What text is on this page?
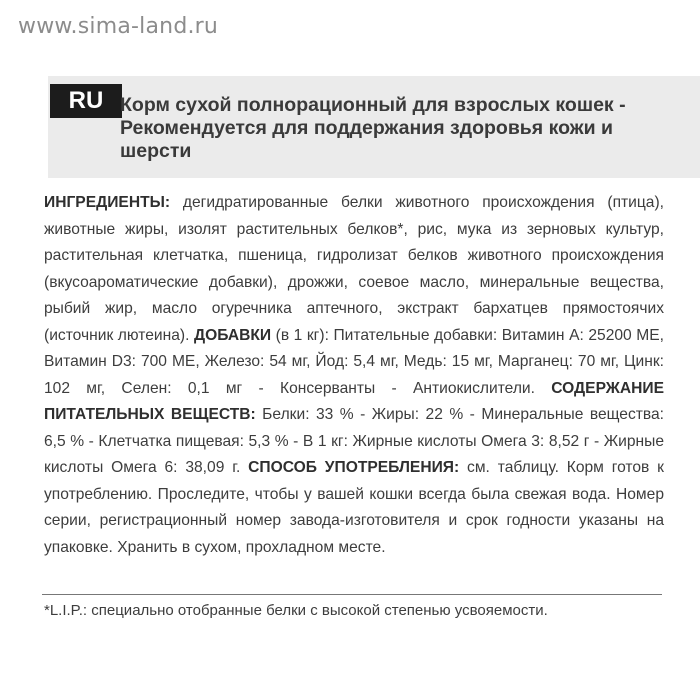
www.sima-land.ru
RU Корм сухой полнорационный для взрослых кошек - Рекомендуется для поддержания здоровья кожи и шерсти
ИНГРЕДИЕНТЫ: дегидратированные белки животного происхождения (птица), животные жиры, изолят растительных белков*, рис, мука из зерновых культур, растительная клетчатка, пшеница, гидролизат белков животного происхождения (вкусоароматические добавки), дрожжи, соевое масло, минеральные вещества, рыбий жир, масло огуречника аптечного, экстракт бархатцев прямостоячих (источник лютеина). ДОБАВКИ (в 1 кг): Питательные добавки: Витамин А: 25200 МЕ, Витамин D3: 700 МЕ, Железо: 54 мг, Йод: 5,4 мг, Медь: 15 мг, Марганец: 70 мг, Цинк: 102 мг, Селен: 0,1 мг - Консерванты - Антиокислители. СОДЕРЖАНИЕ ПИТАТЕЛЬНЫХ ВЕЩЕСТВ: Белки: 33 % - Жиры: 22 % - Минеральные вещества: 6,5 % - Клетчатка пищевая: 5,3 % - В 1 кг: Жирные кислоты Омега 3: 8,52 г - Жирные кислоты Омега 6: 38,09 г. СПОСОБ УПОТРЕБЛЕНИЯ: см. таблицу. Корм готов к употреблению. Проследите, чтобы у вашей кошки всегда была свежая вода. Номер серии, регистрационный номер завода-изготовителя и срок годности указаны на упаковке. Хранить в сухом, прохладном месте.
*L.I.P.: специально отобранные белки с высокой степенью усвояемости.
